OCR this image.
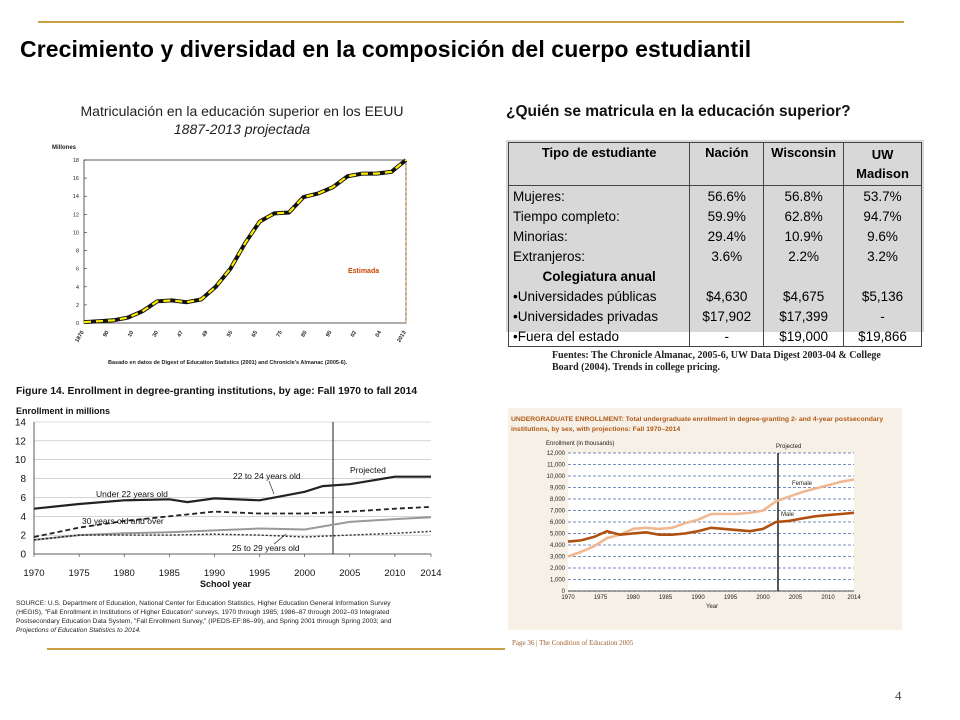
Crecimiento y diversidad en la composición del cuerpo estudiantil
Matriculación en la educación superior en los EEUU
1887-2013 projectada
Millones
0
2
4
6
8
10
12
14
16
18
1870	90	10	30	47	49	55	65	75	85	95	02	04 2013
Estimada
Basado en datos de Digest of Education Statistics (2001) and Chronicle's Almanac (2005-6).
¿Quién se matricula en la educación superior?
Tipo de estudiante	Nación	Wisconsin	UW Madison
Mujeres:	56.6%	56.8%	53.7%
Tiempo completo:	59.9%	62.8%	94.7%
Minorias:	29.4%	10.9%	9.6%
Extranjeros:	3.6%	2.2%	3.2%
Colegiatura anual			
•Universidades públicas	$4,630	$4,675	$5,136
•Universidades privadas	$17,902	$17,399	-
•Fuera del estado	-	$19,000	$19,866
Fuentes: The Chronicle Almanac, 2005-6, UW Data Digest 2003-04 & College
Board (2004). Trends in college pricing.
Figure 14. Enrollment in degree-granting institutions, by age: Fall 1970 to fall 2014
Enrollment in millions
0
2
4
6
8
10
12
14
1970	1975	1980	1985	1990	1995	2000	2005	2010 2014
Projected
22 to 24 years old
Under 22 years old
30 years old and over
25 to 29 years old
School year
SOURCE: U.S. Department of Education, National Center for Education Statistics, Higher Education General Information Survey
(HEGIS), "Fall Enrollment in Institutions of Higher Education" surveys, 1970 through 1985; 1986–87 through 2002–03 Integrated
Postsecondary Education Data System, "Fall Enrollment Survey," (IPEDS-EF:86–99), and Spring 2001 through Spring 2003; and
Projections of Education Statistics to 2014.
UNDERGRADUATE ENROLLMENT: Total undergraduate enrollment in degree-granting 2- and 4-year postsecondary
institutions, by sex, with projections: Fall 1970–2014
Enrollment (in thousands)
0
1,000
2,000
3,000
4,000
5,000
6,000
7,000
8,000
9,000
10,000
11,000
12,000
1970	1975	1980	1985	1990	1995	2000	2005	2010 2014
Projected
Female
Male
Year
Page 36 | The Condition of Education 2005
4
